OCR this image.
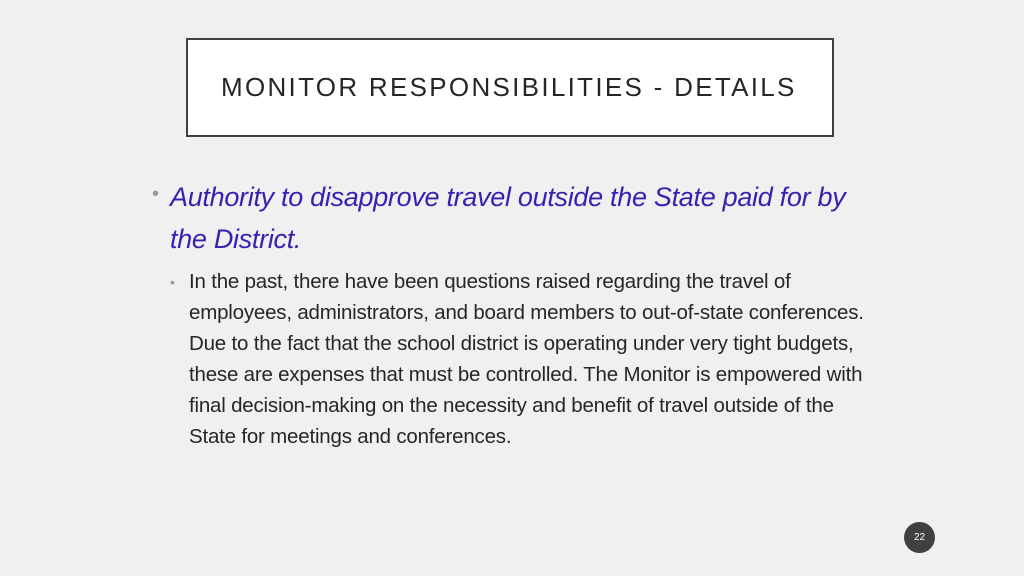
MONITOR RESPONSIBILITIES - DETAILS
• Authority to disapprove travel outside the State paid for by the District.
• In the past, there have been questions raised regarding the travel of employees, administrators, and board members to out-of-state conferences. Due to the fact that the school district is operating under very tight budgets, these are expenses that must be controlled. The Monitor is empowered with final decision-making on the necessity and benefit of travel outside of the State for meetings and conferences.
22
